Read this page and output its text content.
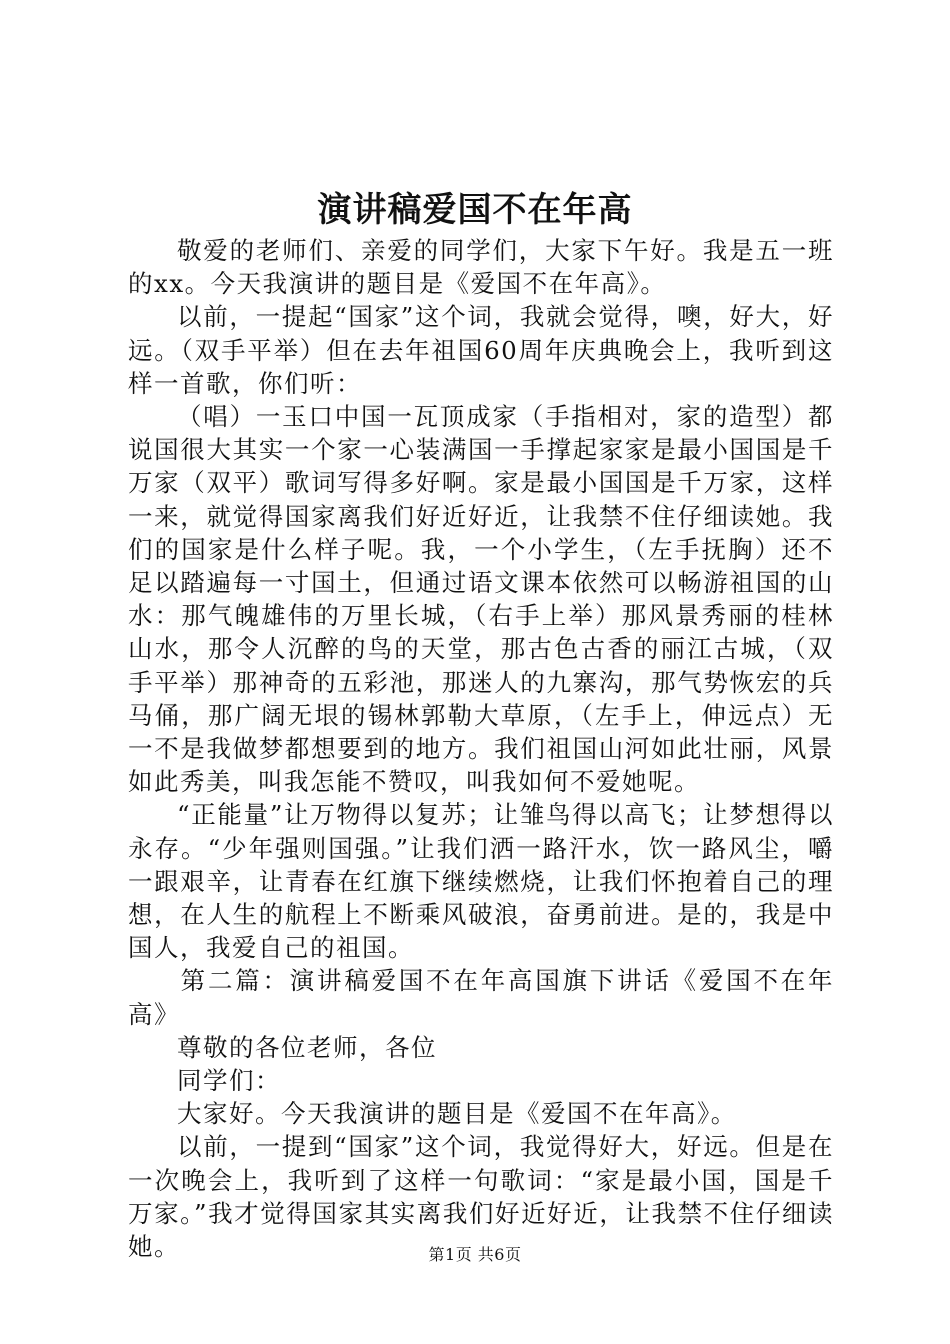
演讲稿爱国不在年高

敬爱的老师们、亲爱的同学们，大家下午好。我是五一班的xx。今天我演讲的题目是《爱国不在年高》。

以前，一提起“国家”这个词，我就会觉得，噢，好大，好远。（双手平举）但在去年祖国60周年庆典晚会上，我听到这样一首歌，你们听：

（唱）一玉口中国一瓦顶成家（手指相对，家的造型）都说国很大其实一个家一心装满国一手撑起家家是最小国国是千万家（双平）歌词写得多好啊。家是最小国国是千万家，这样一来，就觉得国家离我们好近好近，让我禁不住仔细读她。我们的国家是什么样子呢。我，一个小学生，（左手抚胸）还不足以踏遍每一寸国土，但通过语文课本依然可以畅游祖国的山水：那气魄雄伟的万里长城，（右手上举）那风景秀丽的桂林山水，那令人沉醉的鸟的天堂，那古色古香的丽江古城，（双手平举）那神奇的五彩池，那迷人的九寨沟，那气势恢宏的兵马俑，那广阔无垠的锡林郭勒大草原，（左手上，伸远点）无一不是我做梦都想要到的地方。我们祖国山河如此壮丽，风景如此秀美，叫我怎能不赞叹，叫我如何不爱她呢。

“正能量”让万物得以复苏；让雏鸟得以高飞；让梦想得以永存。“少年强则国强。”让我们洒一路汗水，饮一路风尘，嚼一跟艰辛，让青春在红旗下继续燃烧，让我们怀抱着自己的理想，在人生的航程上不断乘风破浪，奋勇前进。是的，我是中国人，我爱自己的祖国。

第二篇：演讲稿爱国不在年高国旗下讲话《爱国不在年高》

尊敬的各位老师，各位

同学们：

大家好。今天我演讲的题目是《爱国不在年高》。

以前，一提到“国家”这个词，我觉得好大，好远。但是在一次晚会上，我听到了这样一句歌词：“家是最小国，国是千万家。”我才觉得国家其实离我们好近好近，让我禁不住仔细读她。	第1页 共6页
